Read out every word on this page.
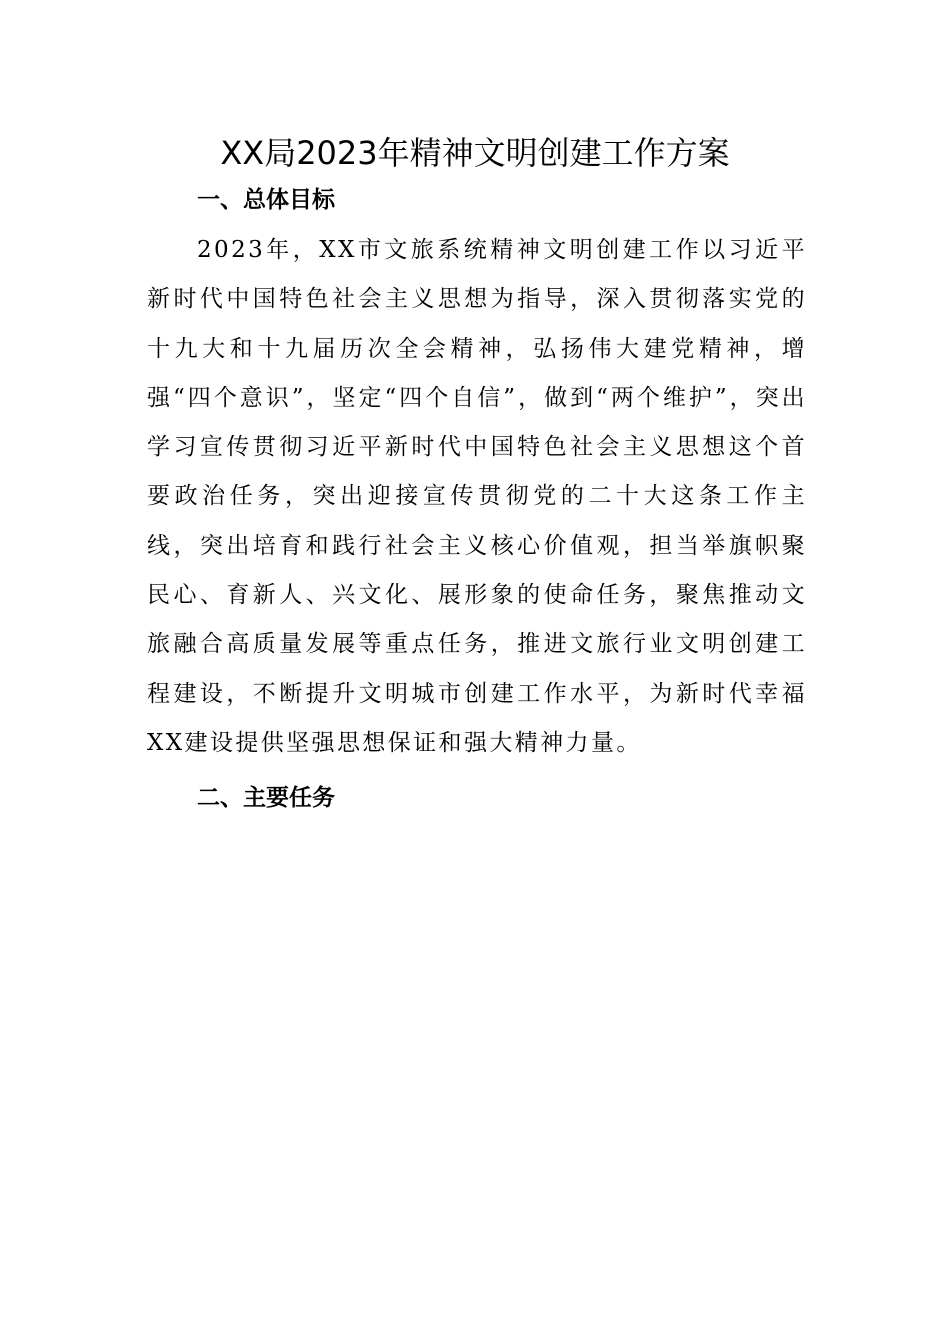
XX局2023年精神文明创建工作方案
一、总体目标

2023年，XX市文旅系统精神文明创建工作以习近平新时代中国特色社会主义思想为指导，深入贯彻落实党的十九大和十九届历次全会精神，弘扬伟大建党精神，增强“四个意识”，坚定“四个自信”，做到“两个维护”，突出学习宣传贯彻习近平新时代中国特色社会主义思想这个首要政治任务，突出迎接宣传贯彻党的二十大这条工作主线，突出培育和践行社会主义核心价值观，担当举旗帜聚民心、育新人、兴文化、展形象的使命任务，聚焦推动文旅融合高质量发展等重点任务，推进文旅行业文明创建工程建设，不断提升文明城市创建工作水平，为新时代幸福XX建设提供坚强思想保证和强大精神力量。

二、主要任务
